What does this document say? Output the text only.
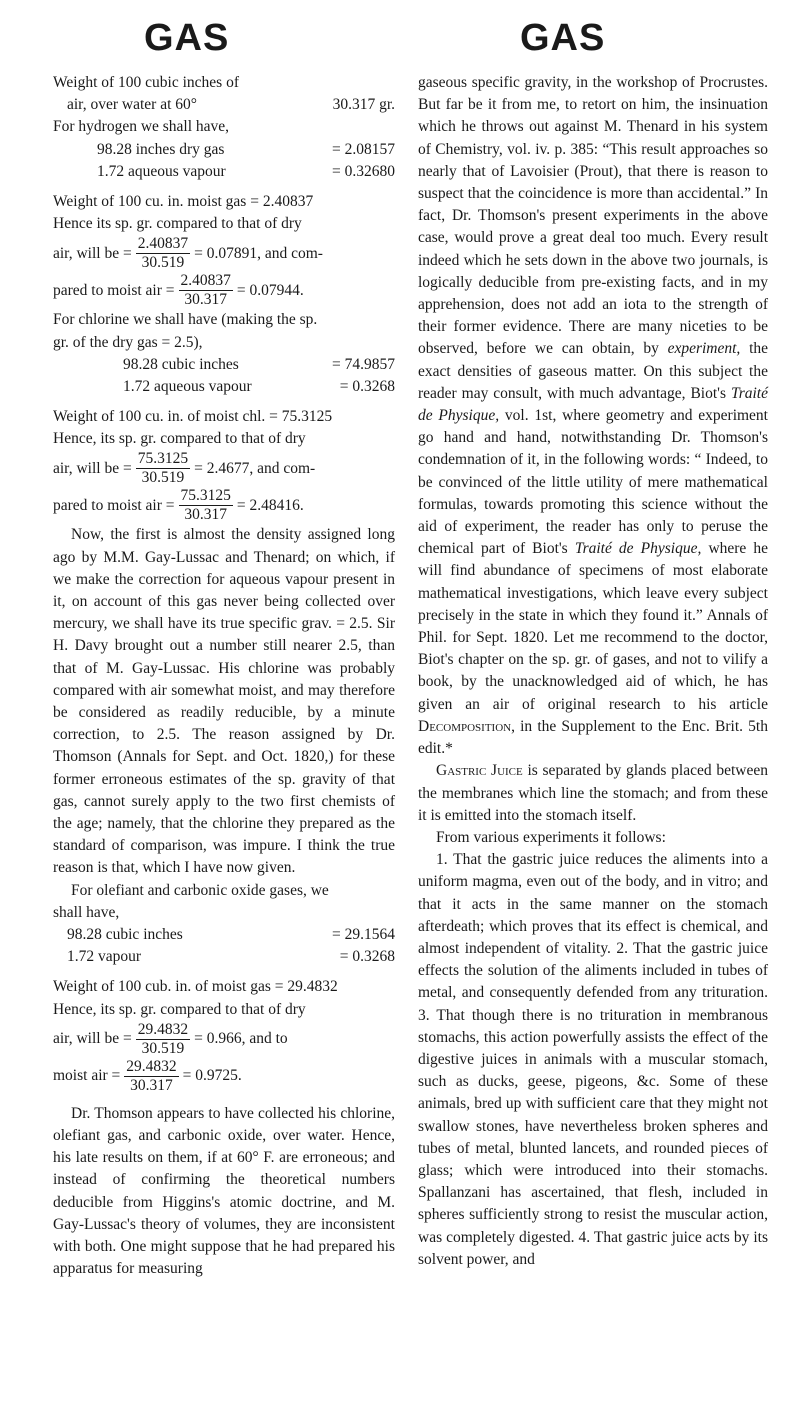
GAS	GAS
Weight of 100 cubic inches of
air, over water at 60°	30.317 gr.
For hydrogen we shall have,
98.28 inches dry gas	= 2.08157
1.72 aqueous vapour	= 0.32680
Weight of 100 cu. in. moist gas = 2.40837
Hence its sp. gr. compared to that of dry
air, will be = $\frac{2.40837}{30.519} = 0.07891$, and com-
pared to moist air = $\frac{2.40837}{30.317} = 0.07944$.
For chlorine we shall have (making the sp.
gr. of the dry gas = 2.5),
98.28 cubic inches	= 74.9857
1.72 aqueous vapour	= 0.3268
Weight of 100 cu. in. of moist chl. = 75.3125
Hence, its sp. gr. compared to that of dry
air, will be = $\frac{75.3125}{30.519} = 2.4677$, and com-
pared to moist air = $\frac{75.3125}{30.317} = 2.48416$.

Now, the first is almost the density assigned long ago by M.M. Gay-Lussac and Thenard; on which, if we make the correction for aqueous vapour present in it, on account of this gas never being collected over mercury, we shall have its true specific grav. = 2.5. Sir H. Davy brought out a number still nearer 2.5, than that of M. Gay-Lussac. His chlorine was probably compared with air somewhat moist, and may therefore be considered as readily reducible, by a minute correction, to 2.5. The reason assigned by Dr. Thomson (Annals for Sept. and Oct. 1820,) for these former erroneous estimates of the sp. gravity of that gas, cannot surely apply to the two first chemists of the age; namely, that the chlorine they prepared as the standard of comparison, was impure. I think the true reason is that, which I have now given.

For olefiant and carbonic oxide gases, we
shall have,
98.28 cubic inches	= 29.1564
1.72 vapour	= 0.3268
Weight of 100 cub. in. of moist gas = 29.4832
Hence, its sp. gr. compared to that of dry
air, will be = $\frac{29.4832}{30.519} = 0.966$, and to
moist air = $\frac{29.4832}{30.317} = 0.9725$.

Dr. Thomson appears to have collected his chlorine, olefiant gas, and carbonic oxide, over water. Hence, his late results on them, if at 60° F. are erroneous; and instead of confirming the theoretical numbers deducible from Higgins's atomic doctrine, and M. Gay-Lussac's theory of volumes, they are inconsistent with both. One might suppose that he had prepared his apparatus for measuring

gaseous specific gravity, in the workshop of Procrustes. But far be it from me, to retort on him, the insinuation which he throws out against M. Thenard in his system of Chemistry, vol. iv. p. 385: “This result approaches so nearly that of Lavoisier (Prout), that there is reason to suspect that the coincidence is more than accidental.” In fact, Dr. Thomson's present experiments in the above case, would prove a great deal too much. Every result indeed which he sets down in the above two journals, is logically deducible from pre-existing facts, and in my apprehension, does not add an iota to the strength of their former evidence. There are many niceties to be observed, before we can obtain, by experiment, the exact densities of gaseous matter. On this subject the reader may consult, with much advantage, Biot's Traité de Physique, vol. 1st, where geometry and experiment go hand and hand, notwithstanding Dr. Thomson's condemnation of it, in the following words: “ Indeed, to be convinced of the little utility of mere mathematical formulas, towards promoting this science without the aid of experiment, the reader has only to peruse the chemical part of Biot's Traité de Physique, where he will find abundance of specimens of most elaborate mathematical investigations, which leave every subject precisely in the state in which they found it.” Annals of Phil. for Sept. 1820. Let me recommend to the doctor, Biot's chapter on the sp. gr. of gases, and not to vilify a book, by the unacknowledged aid of which, he has given an air of original research to his article Decomposition, in the Supplement to the Enc. Brit. 5th edit.*

Gastric Juice is separated by glands placed between the membranes which line the stomach; and from these it is emitted into the stomach itself.

From various experiments it follows:

1. That the gastric juice reduces the aliments into a uniform magma, even out of the body, and in vitro; and that it acts in the same manner on the stomach afterdeath; which proves that its effect is chemical, and almost independent of vitality. 2. That the gastric juice effects the solution of the aliments included in tubes of metal, and consequently defended from any trituration. 3. That though there is no trituration in membranous stomachs, this action powerfully assists the effect of the digestive juices in animals with a muscular stomach, such as ducks, geese, pigeons, &c. Some of these animals, bred up with sufficient care that they might not swallow stones, have nevertheless broken spheres and tubes of metal, blunted lancets, and rounded pieces of glass; which were introduced into their stomachs. Spallanzani has ascertained, that flesh, included in spheres sufficiently strong to resist the muscular action, was completely digested. 4. That gastric juice acts by its solvent power, and
